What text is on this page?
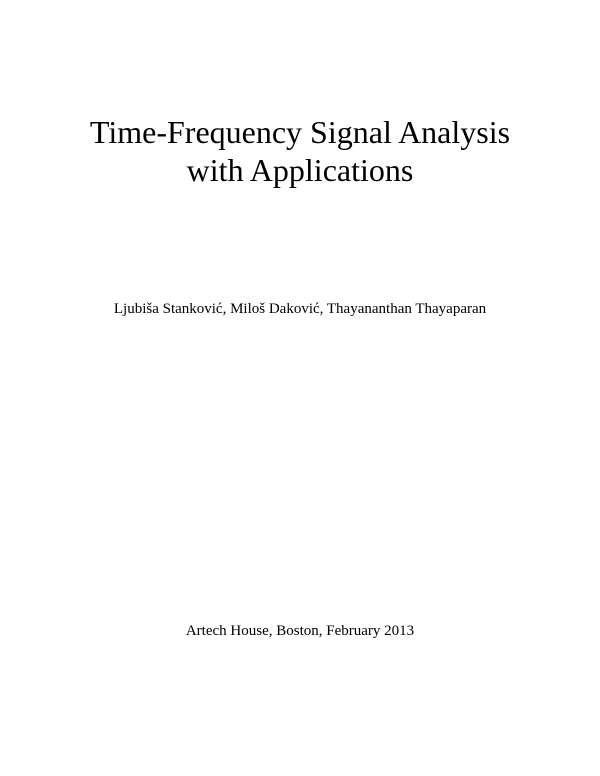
Time-Frequency Signal Analysis
with Applications

Ljubiša Stanković, Miloš Daković, Thayananthan Thayaparan

Artech House, Boston, February 2013
